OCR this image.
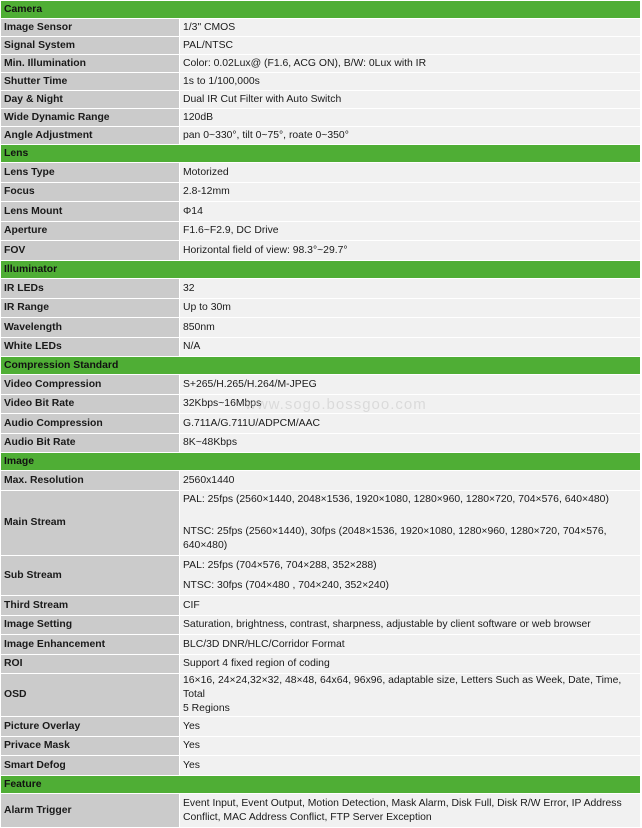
Camera	
Image Sensor	1/3" CMOS
Signal System	PAL/NTSC
Min. Illumination	Color: 0.02Lux@ (F1.6, ACG ON), B/W: 0Lux with IR
Shutter Time	1s to 1/100,000s
Day & Night	Dual IR Cut Filter with Auto Switch
Wide Dynamic Range	120dB
Angle Adjustment	pan 0~330°, tilt 0~75°, roate 0~350°
Lens	
Lens Type	Motorized
Focus	2.8-12mm
Lens Mount	Φ14
Aperture	F1.6~F2.9, DC Drive
FOV	Horizontal field of view: 98.3°~29.7°
Illuminator	
IR LEDs	32
IR Range	Up to 30m
Wavelength	850nm
White LEDs	N/A
Compression Standard	
Video Compression	S+265/H.265/H.264/M-JPEG
Video Bit Rate	32Kbps~16Mbps
Audio Compression	G.711A/G.711U/ADPCM/AAC
Audio Bit Rate	8K~48Kbps
Image	
Max. Resolution	2560x1440
Main Stream	PAL: 25fps (2560×1440, 2048×1536, 1920×1080, 1280×960, 1280×720, 704×576, 640×480)
NTSC: 25fps (2560×1440), 30fps (2048×1536, 1920×1080, 1280×960, 1280×720, 704×576, 640×480)

Sub Stream	PAL: 25fps (704×576, 704×288, 352×288)
NTSC: 30fps (704×480 , 704×240, 352×240)

Third Stream	CIF
Image Setting	Saturation, brightness, contrast, sharpness, adjustable by client software or web browser
Image Enhancement	BLC/3D DNR/HLC/Corridor Format
ROI	Support 4 fixed region of coding
OSD	16×16, 24×24,32×32, 48×48, 64x64, 96x96, adaptable size, Letters Such as Week, Date, Time, Total
5 Regions

Picture Overlay	Yes
Privace Mask	Yes
Smart Defog	Yes
Feature	
Alarm Trigger	Event Input, Event Output, Motion Detection, Mask Alarm, Disk Full, Disk R/W Error, IP Address
Conflict, MAC Address Conflict, FTP Server Exception
www.sogo.bossgoo.com
